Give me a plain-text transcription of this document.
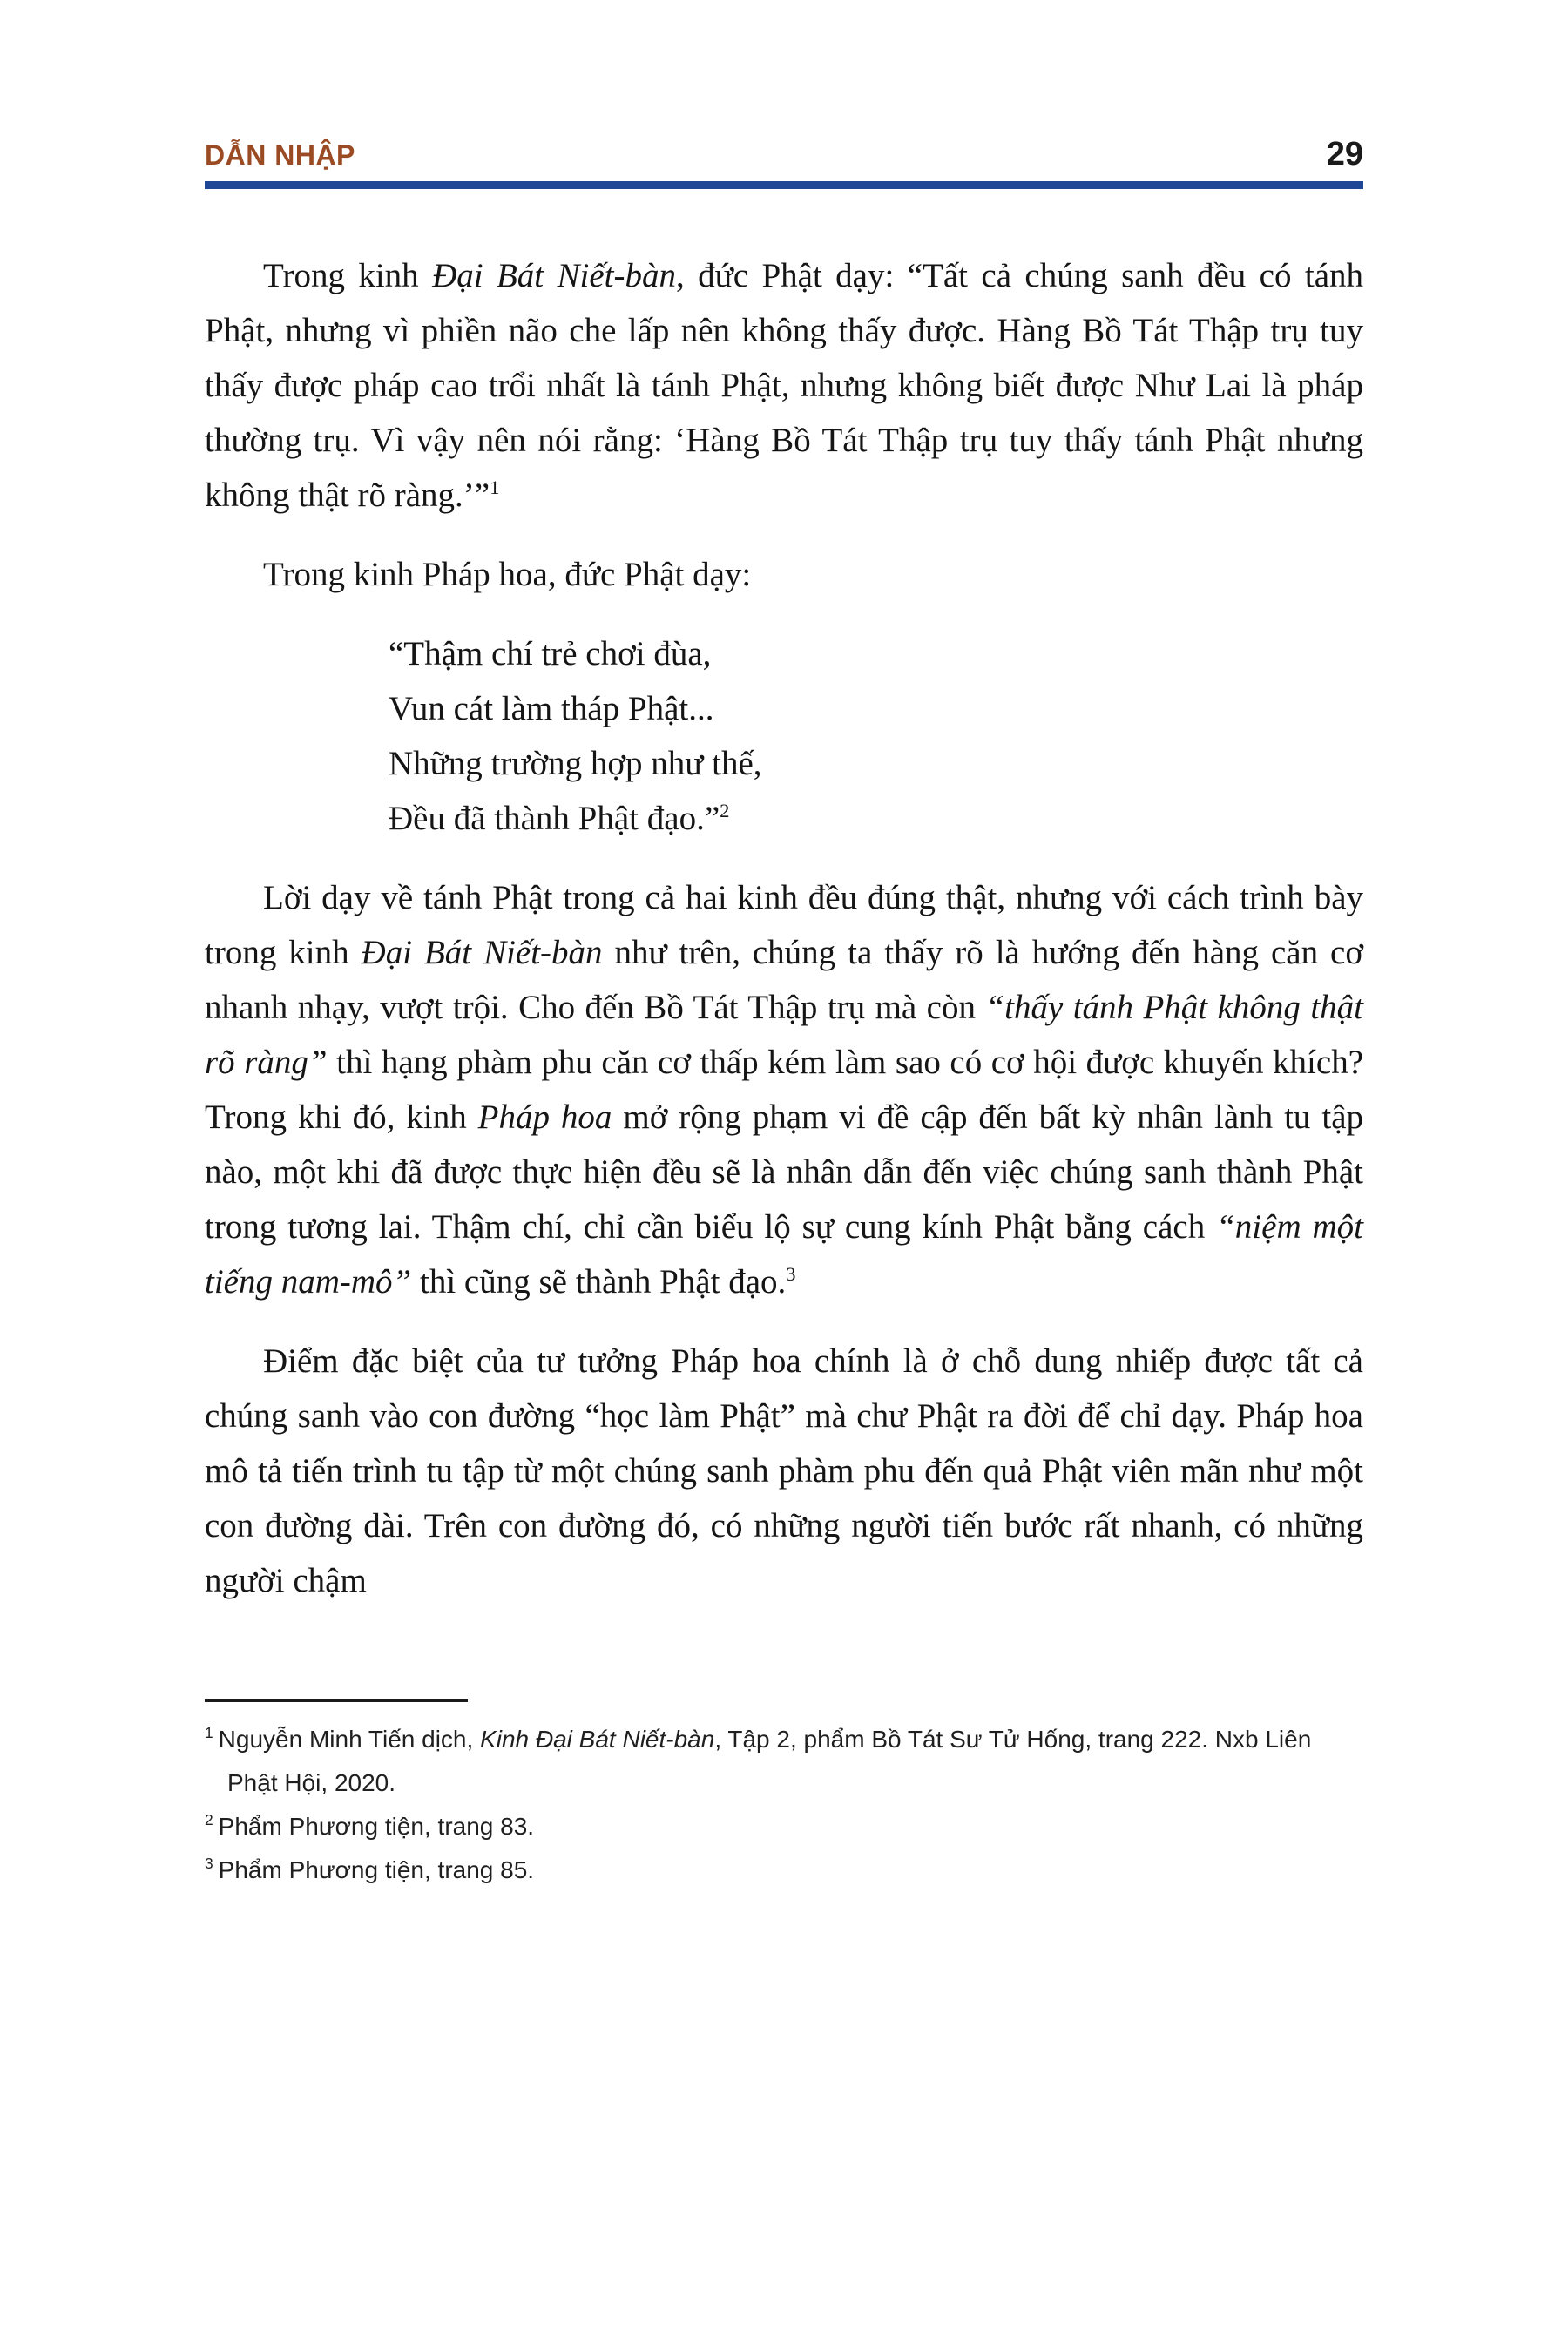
DẪN NHẬP	29

Trong kinh Đại Bát Niết-bàn, đức Phật dạy: “Tất cả chúng sanh đều có tánh Phật, nhưng vì phiền não che lấp nên không thấy được. Hàng Bồ Tát Thập trụ tuy thấy được pháp cao trổi nhất là tánh Phật, nhưng không biết được Như Lai là pháp thường trụ. Vì vậy nên nói rằng: ‘Hàng Bồ Tát Thập trụ tuy thấy tánh Phật nhưng không thật rõ ràng.’”$^1$

Trong kinh Pháp hoa, đức Phật dạy:

“Thậm chí trẻ chơi đùa,
Vun cát làm tháp Phật...
Những trường hợp như thế,
Đều đã thành Phật đạo.”$^2$

Lời dạy về tánh Phật trong cả hai kinh đều đúng thật, nhưng với cách trình bày trong kinh Đại Bát Niết-bàn như trên, chúng ta thấy rõ là hướng đến hàng căn cơ nhanh nhạy, vượt trội. Cho đến Bồ Tát Thập trụ mà còn “thấy tánh Phật không thật rõ ràng” thì hạng phàm phu căn cơ thấp kém làm sao có cơ hội được khuyến khích? Trong khi đó, kinh Pháp hoa mở rộng phạm vi đề cập đến bất kỳ nhân lành tu tập nào, một khi đã được thực hiện đều sẽ là nhân dẫn đến việc chúng sanh thành Phật trong tương lai. Thậm chí, chỉ cần biểu lộ sự cung kính Phật bằng cách “niệm một tiếng nam-mô” thì cũng sẽ thành Phật đạo.$^3$

Điểm đặc biệt của tư tưởng Pháp hoa chính là ở chỗ dung nhiếp được tất cả chúng sanh vào con đường “học làm Phật” mà chư Phật ra đời để chỉ dạy. Pháp hoa mô tả tiến trình tu tập từ một chúng sanh phàm phu đến quả Phật viên mãn như một con đường dài. Trên con đường đó, có những người tiến bước rất nhanh, có những người chậm

$^1$ Nguyễn Minh Tiến dịch, Kinh Đại Bát Niết-bàn, Tập 2, phẩm Bồ Tát Sư Tử Hống, trang 222. Nxb Liên Phật Hội, 2020.
$^2$ Phẩm Phương tiện, trang 83.
$^3$ Phẩm Phương tiện, trang 85.
